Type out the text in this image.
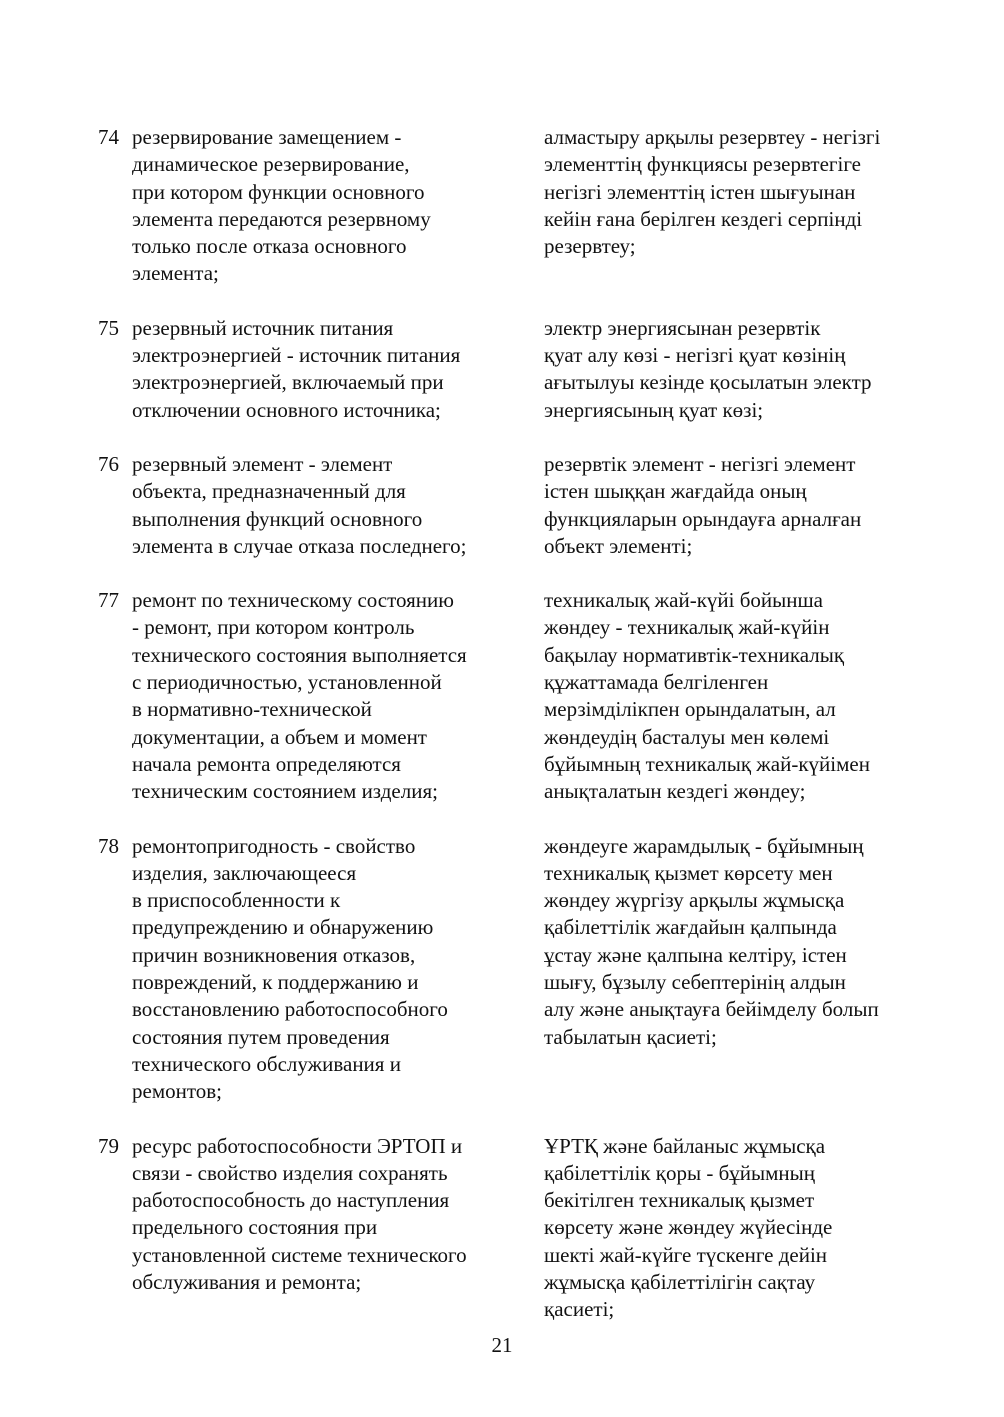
74 резервирование замещением -
динамическое резервирование,
при котором функции основного
элемента передаются резервному
только после отказа основного
элемента;
алмастыру арқылы резервтеу - негізгі
элементтің функциясы резервтегіге
негізгі элементтің істен шығуынан
кейін ғана берілген кездегі серпінді
резервтеу;
75 резервный источник питания
электроэнергией - источник питания
электроэнергией, включаемый при
отключении основного источника;
электр энергиясынан резервтік
қуат алу көзі - негізгі қуат көзінің
ағытылуы кезінде қосылатын электр
энергиясының қуат көзі;
76 резервный элемент - элемент
объекта, предназначенный для
выполнения функций основного
элемента в случае отказа последнего;
резервтік элемент - негізгі элемент
істен шыққан жағдайда оның
функцияларын орындауға арналған
объект элементі;
77 ремонт по техническому состоянию
- ремонт, при котором контроль
технического состояния выполняется
с периодичностью, установленной
в нормативно-технической
документации, а объем и момент
начала ремонта определяются
техническим состоянием изделия;
техникалық жай-күйі бойынша
жөндеу - техникалық жай-күйін
бақылау нормативтік-техникалық
құжаттамада белгіленген
мерзімділікпен орындалатын, ал
жөндеудің басталуы мен көлемі
бұйымның техникалық жай-күйімен
анықталатын кездегі жөндеу;
78 ремонтопригодность - свойство
изделия, заключающееся
в приспособленности к
предупреждению и обнаружению
причин возникновения отказов,
повреждений, к поддержанию и
восстановлению работоспособного
состояния путем проведения
технического обслуживания и
ремонтов;
жөндеуге жарамдылық - бұйымның
техникалық қызмет көрсету мен
жөндеу жүргізу арқылы жұмысқа
қабілеттілік жағдайын қалпында
ұстау және қалпына келтіру, істен
шығу, бұзылу себептерінің алдын
алу және анықтауға бейімделу болып
табылатын қасиеті;
79 ресурс работоспособности ЭРТОП и
связи - свойство изделия сохранять
работоспособность до наступления
предельного состояния при
установленной системе технического
обслуживания и ремонта;
ҰРТҚ және байланыс жұмысқа
қабілеттілік қоры - бұйымның
бекітілген техникалық қызмет
көрсету және жөндеу жүйесінде
шекті жай-күйге түскенге дейін
жұмысқа қабілеттілігін сақтау
қасиеті;
21
